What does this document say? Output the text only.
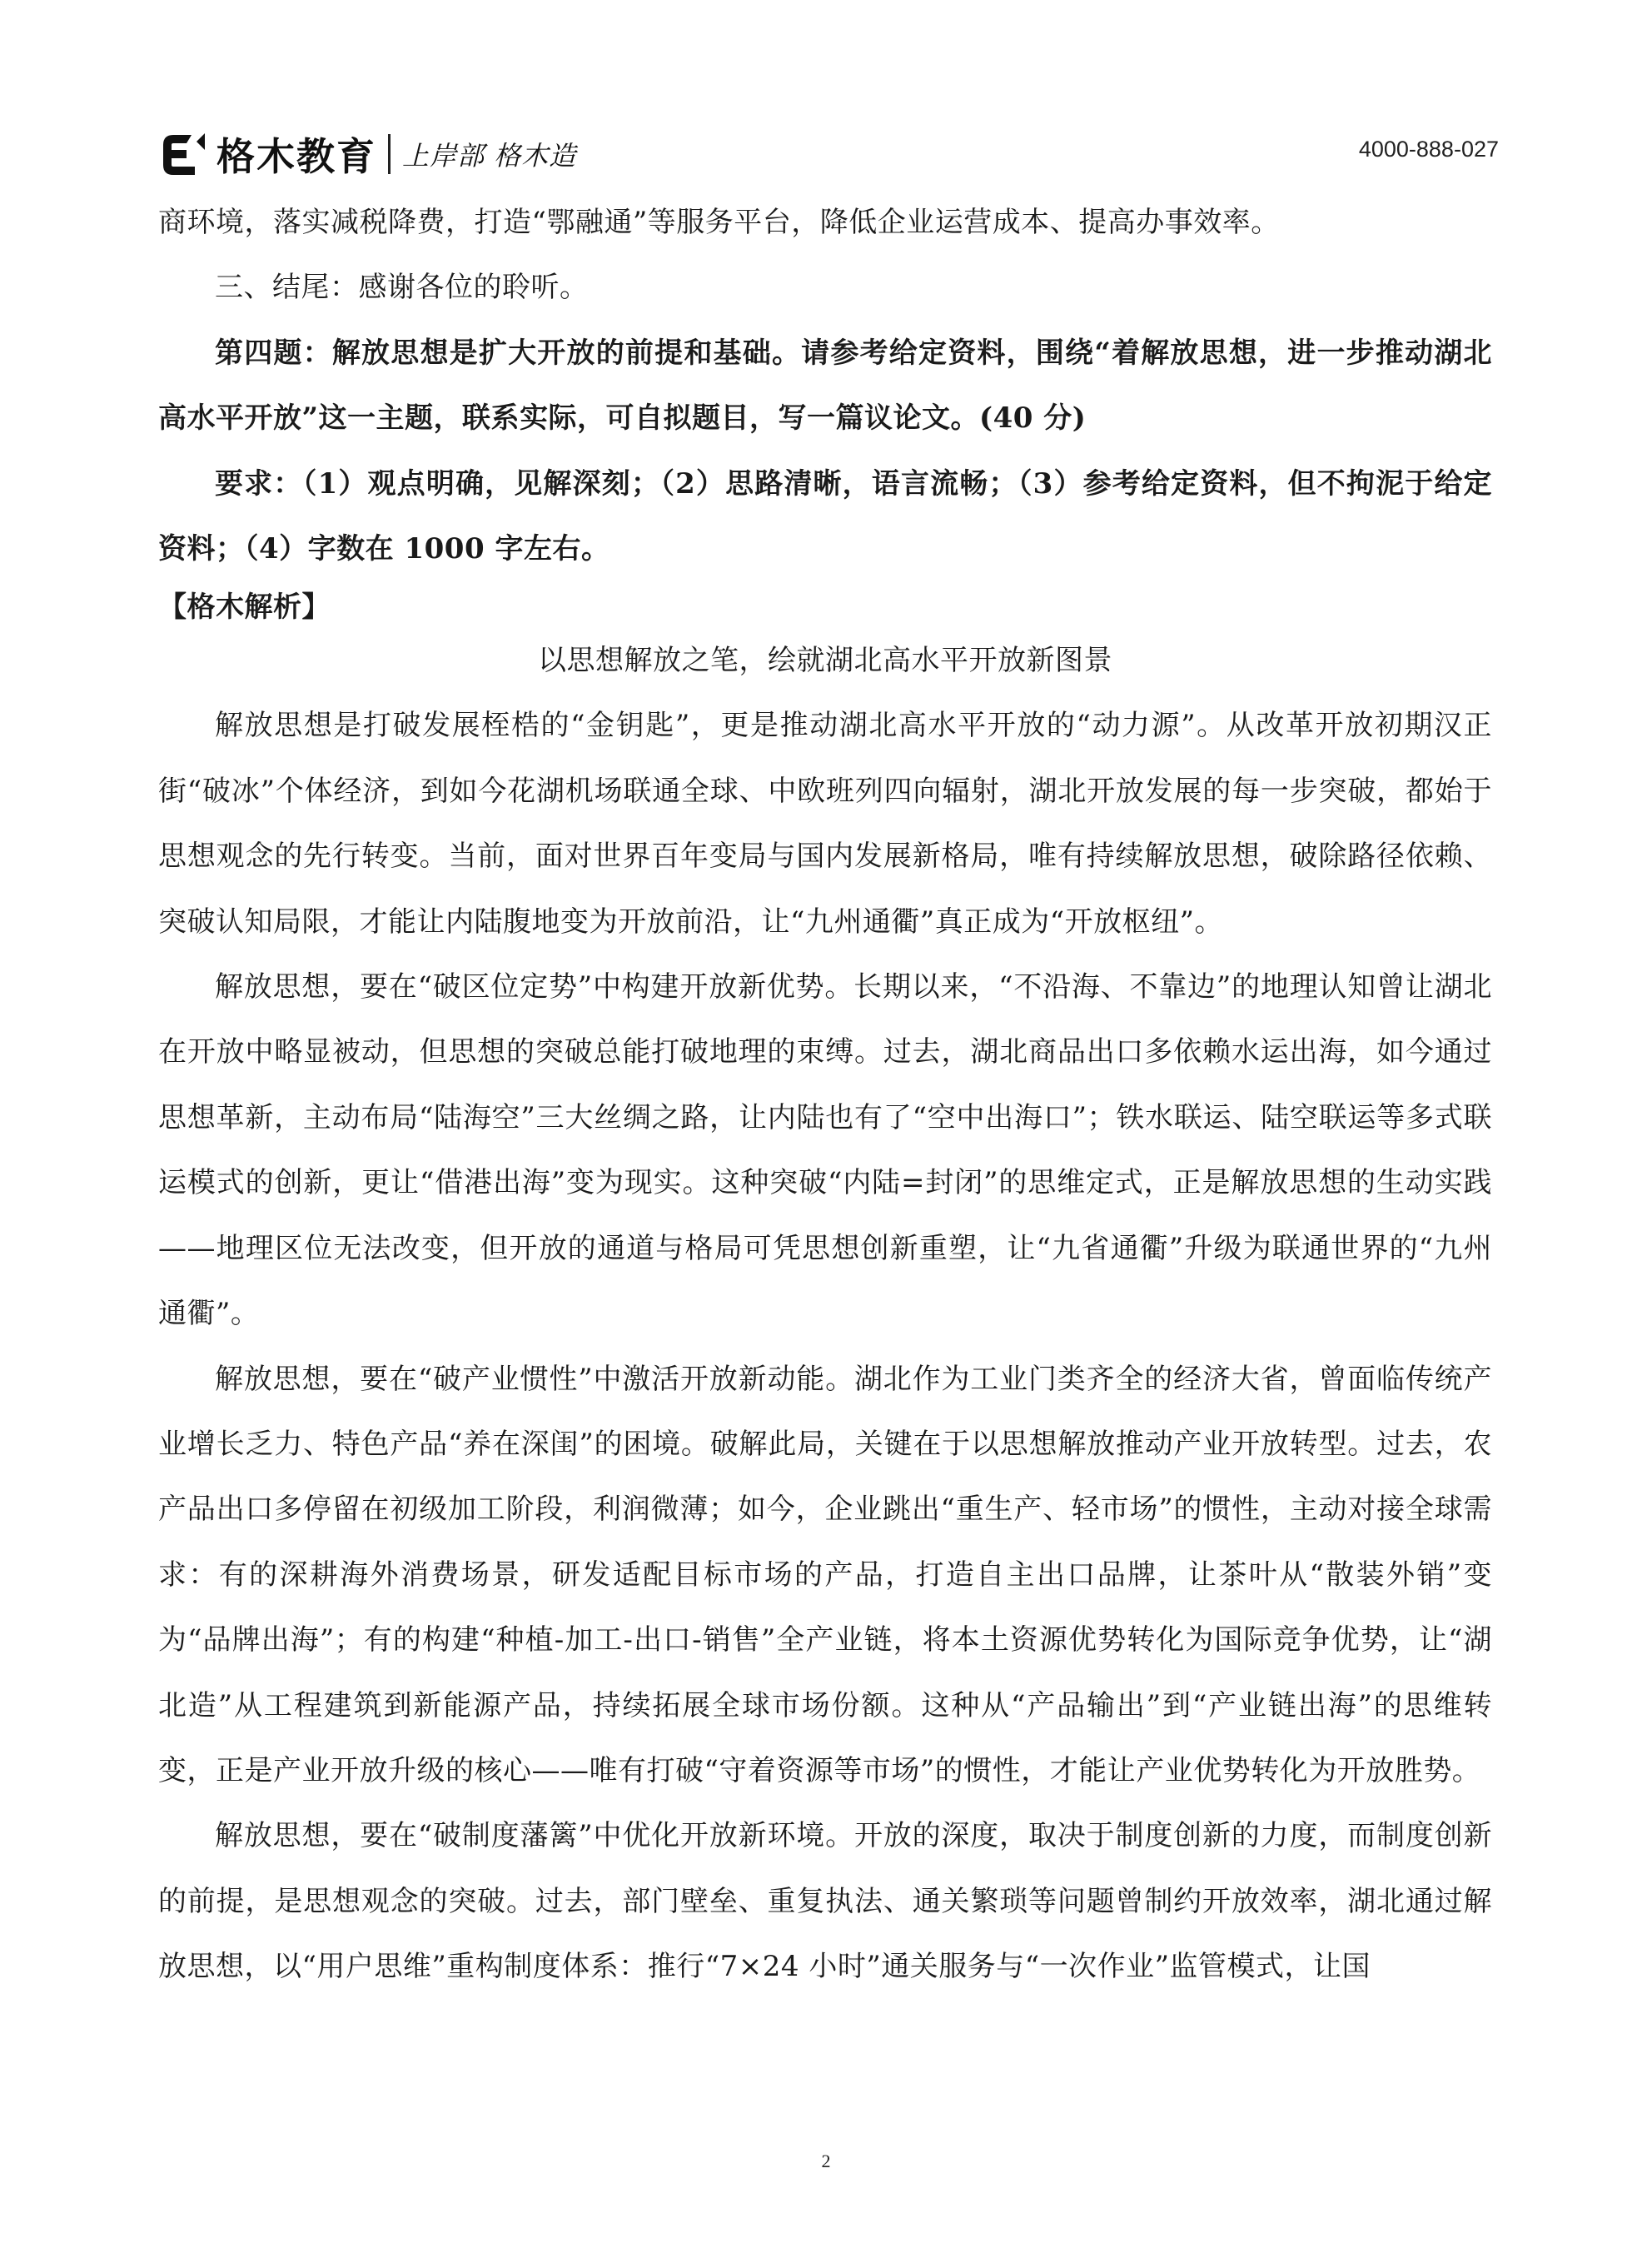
格木教育 上岸部 格木造	4000-888-027

商环境，落实减税降费，打造“鄂融通”等服务平台，降低企业运营成本、提高办事效率。

三、结尾：感谢各位的聆听。

第四题：解放思想是扩大开放的前提和基础。请参考给定资料，围绕“着解放思想，进一步推动湖北高水平开放”这一主题，联系实际，可自拟题目，写一篇议论文。(40 分)

要求：（1）观点明确，见解深刻；（2）思路清晰，语言流畅；（3）参考给定资料，但不拘泥于给定资料；（4）字数在 1000 字左右。

【格木解析】

以思想解放之笔，绘就湖北高水平开放新图景

解放思想是打破发展桎梏的“金钥匙”，更是推动湖北高水平开放的“动力源”。从改革开放初期汉正街“破冰”个体经济，到如今花湖机场联通全球、中欧班列四向辐射，湖北开放发展的每一步突破，都始于思想观念的先行转变。当前，面对世界百年变局与国内发展新格局，唯有持续解放思想，破除路径依赖、突破认知局限，才能让内陆腹地变为开放前沿，让“九州通衢”真正成为“开放枢纽”。

解放思想，要在“破区位定势”中构建开放新优势。长期以来，“不沿海、不靠边”的地理认知曾让湖北在开放中略显被动，但思想的突破总能打破地理的束缚。过去，湖北商品出口多依赖水运出海，如今通过思想革新，主动布局“陆海空”三大丝绸之路，让内陆也有了“空中出海口”；铁水联运、陆空联运等多式联运模式的创新，更让“借港出海”变为现实。这种突破“内陆=封闭”的思维定式，正是解放思想的生动实践——地理区位无法改变，但开放的通道与格局可凭思想创新重塑，让“九省通衢”升级为联通世界的“九州通衢”。

解放思想，要在“破产业惯性”中激活开放新动能。湖北作为工业门类齐全的经济大省，曾面临传统产业增长乏力、特色产品“养在深闺”的困境。破解此局，关键在于以思想解放推动产业开放转型。过去，农产品出口多停留在初级加工阶段，利润微薄；如今，企业跳出“重生产、轻市场”的惯性，主动对接全球需求：有的深耕海外消费场景，研发适配目标市场的产品，打造自主出口品牌，让茶叶从“散装外销”变为“品牌出海”；有的构建“种植-加工-出口-销售”全产业链，将本土资源优势转化为国际竞争优势，让“湖北造”从工程建筑到新能源产品，持续拓展全球市场份额。这种从“产品输出”到“产业链出海”的思维转变，正是产业开放升级的核心——唯有打破“守着资源等市场”的惯性，才能让产业优势转化为开放胜势。

解放思想，要在“破制度藩篱”中优化开放新环境。开放的深度，取决于制度创新的力度，而制度创新的前提，是思想观念的突破。过去，部门壁垒、重复执法、通关繁琐等问题曾制约开放效率，湖北通过解放思想，以“用户思维”重构制度体系：推行“7×24 小时”通关服务与“一次作业”监管模式，让国

2
